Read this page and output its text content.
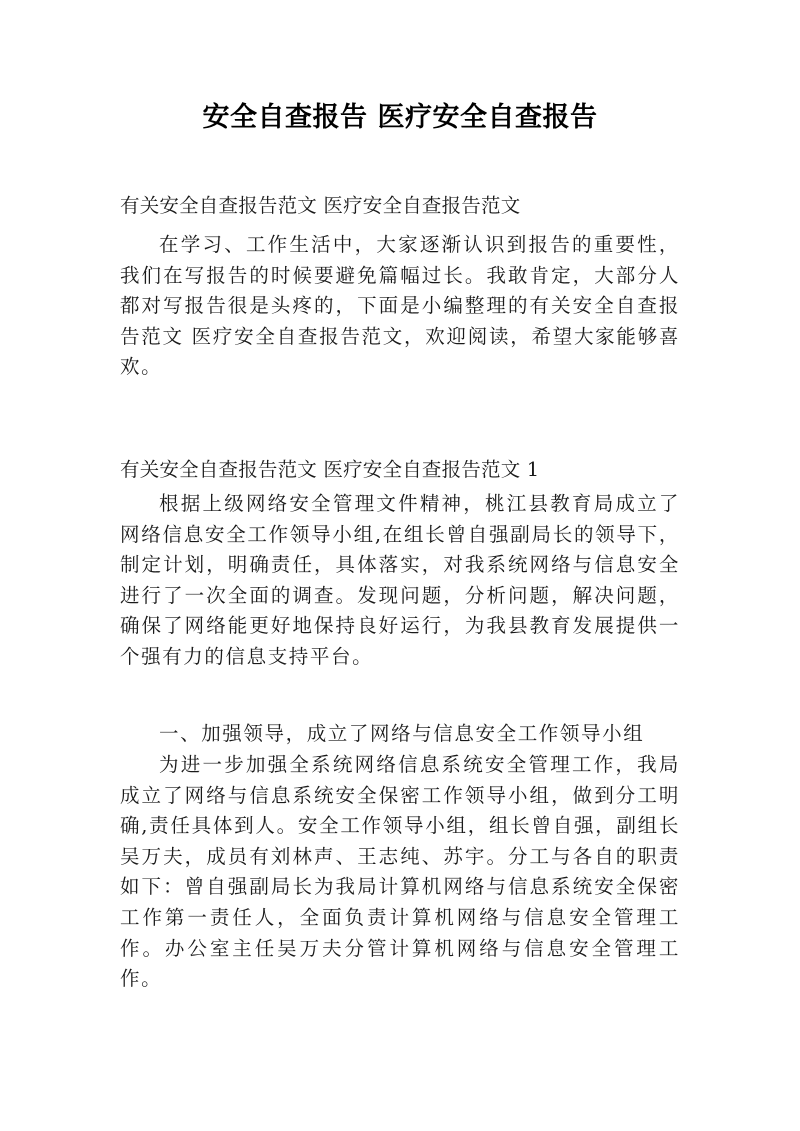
安全自查报告 医疗安全自查报告

有关安全自查报告范文 医疗安全自查报告范文

在学习、工作生活中，大家逐渐认识到报告的重要性，我们在写报告的时候要避免篇幅过长。我敢肯定，大部分人都对写报告很是头疼的，下面是小编整理的有关安全自查报告范文 医疗安全自查报告范文，欢迎阅读，希望大家能够喜欢。

有关安全自查报告范文 医疗安全自查报告范文 1

根据上级网络安全管理文件精神，桃江县教育局成立了网络信息安全工作领导小组,在组长曾自强副局长的领导下，制定计划，明确责任，具体落实，对我系统网络与信息安全进行了一次全面的调查。发现问题，分析问题，解决问题，确保了网络能更好地保持良好运行，为我县教育发展提供一个强有力的信息支持平台。

一、加强领导，成立了网络与信息安全工作领导小组

为进一步加强全系统网络信息系统安全管理工作，我局成立了网络与信息系统安全保密工作领导小组，做到分工明确,责任具体到人。安全工作领导小组，组长曾自强，副组长吴万夫，成员有刘林声、王志纯、苏宇。分工与各自的职责如下：曾自强副局长为我局计算机网络与信息系统安全保密工作第一责任人，全面负责计算机网络与信息安全管理工作。办公室主任吴万夫分管计算机网络与信息安全管理工作。
